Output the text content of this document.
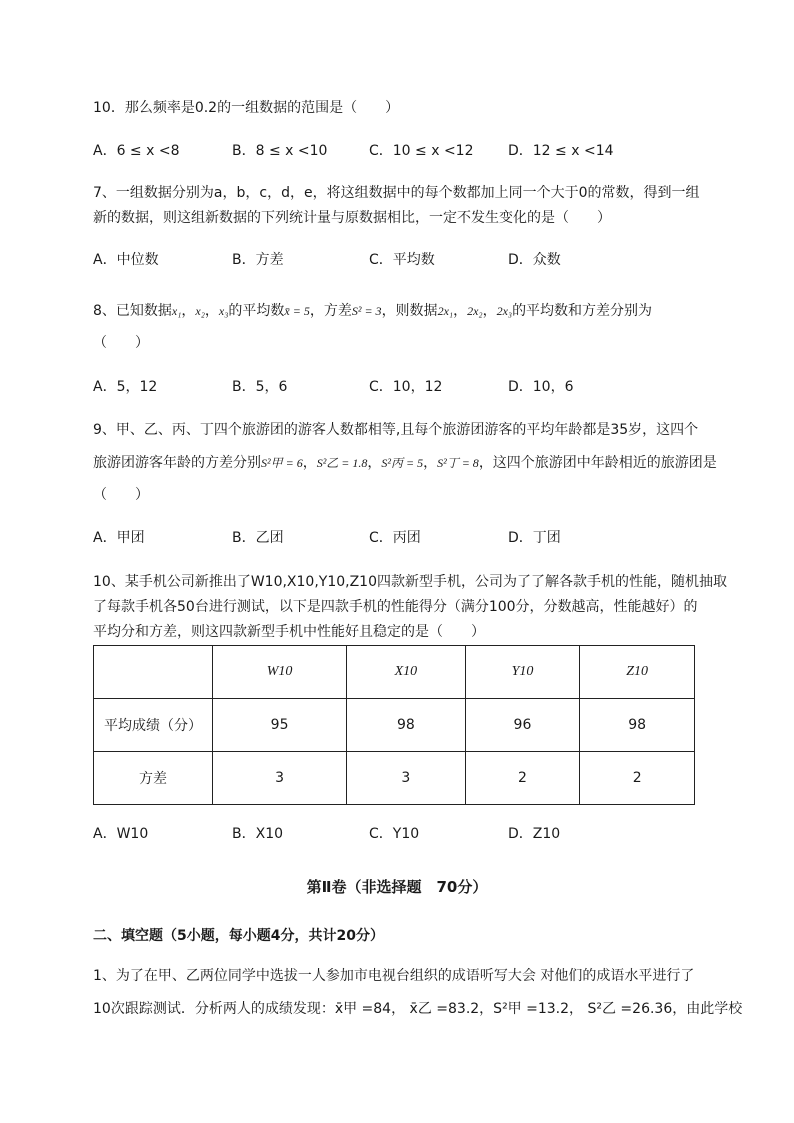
10．那么频率是0.2的一组数据的范围是（　　）
A．6 ≤ x <8	B．8 ≤ x <10	C．10 ≤ x <12 D．12 ≤ x <14
7、一组数据分别为a，b，c，d，e，将这组数据中的每个数都加上同一个大于0的常数，得到一组
新的数据，则这组新数据的下列统计量与原数据相比，一定不发生变化的是（　　）
A．中位数	B．方差	C．平均数	D．众数
8、已知数据x₁，x₂，x₃的平均数x̄ = 5，方差S² = 3，则数据2x₁，2x₂，2x₃的平均数和方差分别为
（　　）
A．5，12	B．5，6	C．10，12	D．10，6
9、甲、乙、丙、丁四个旅游团的游客人数都相等,且每个旅游团游客的平均年龄都是35岁，这四个
旅游团游客年龄的方差分别S²甲 = 6，S²乙 = 1.8，S²丙 = 5，S²丁 = 8，这四个旅游团中年龄相近的旅游团是
（　　）
A．甲团	B．乙团	C．丙团	D．丁团
10、某手机公司新推出了W10,X10,Y10,Z10四款新型手机，公司为了了解各款手机的性能，随机抽取
了每款手机各50台进行测试，以下是四款手机的性能得分（满分100分，分数越高，性能越好）的
平均分和方差，则这四款新型手机中性能好且稳定的是（　　）
	W10	X10	Y10	Z10
平均成绩（分）	95	98	96	98
方差	3	3	2	2
A．W10	B．X10	C．Y10	D．Z10
第Ⅱ卷（非选择题　70分）
二、填空题（5小题，每小题4分，共计20分）
1、为了在甲、乙两位同学中选拔一人参加市电视台组织的成语听写大会 对他们的成语水平进行了
10次跟踪测试．分析两人的成绩发现：x̄甲 =84， x̄乙 =83.2，S²甲 =13.2， S²乙 =26.36，由此学校
